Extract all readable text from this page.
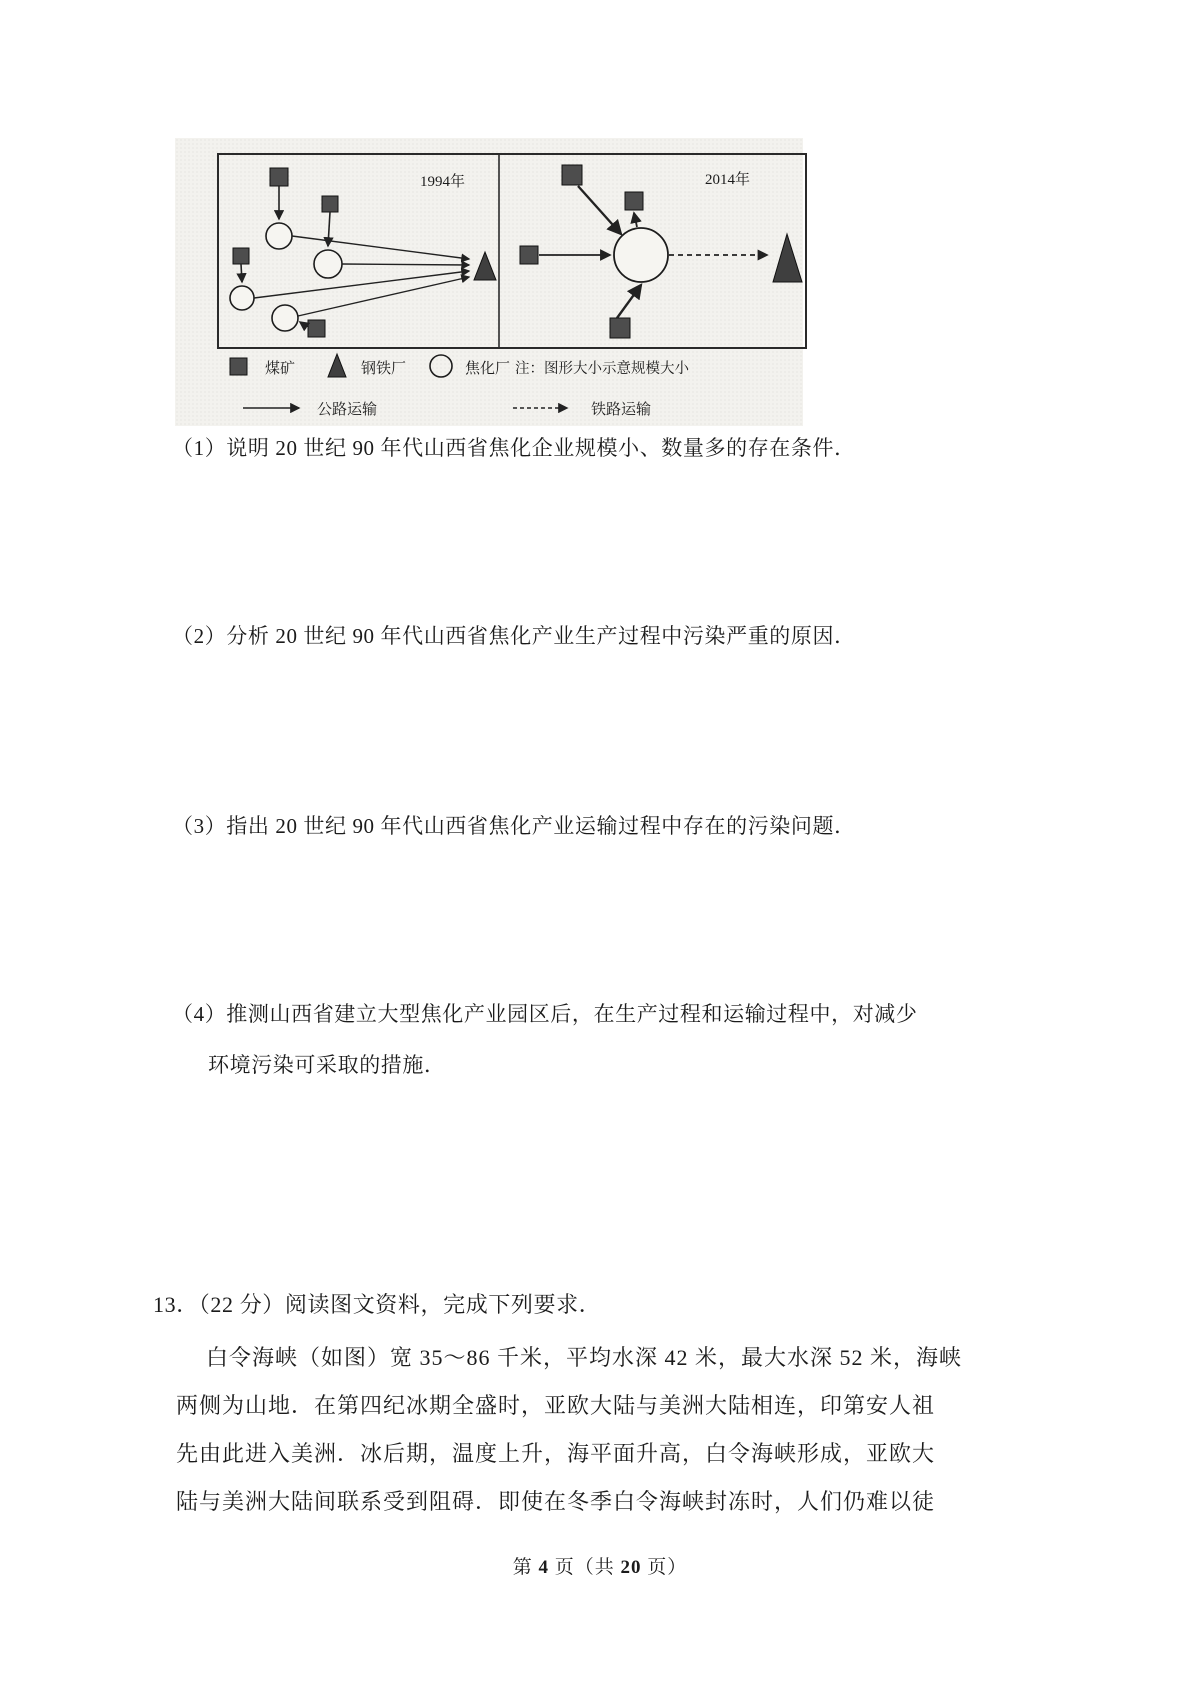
1994年	2014年
煤矿	钢铁厂	焦化厂 注：图形大小示意规模大小
公路运输	铁路运输
（1）说明 20 世纪 90 年代山西省焦化企业规模小、数量多的存在条件．
（2）分析 20 世纪 90 年代山西省焦化产业生产过程中污染严重的原因．
（3）指出 20 世纪 90 年代山西省焦化产业运输过程中存在的污染问题．
（4）推测山西省建立大型焦化产业园区后，在生产过程和运输过程中，对减少
环境污染可采取的措施．
13．（22 分）阅读图文资料，完成下列要求．
白令海峡（如图）宽 35～86 千米，平均水深 42 米，最大水深 52 米，海峡
两侧为山地．在第四纪冰期全盛时，亚欧大陆与美洲大陆相连，印第安人祖
先由此进入美洲．冰后期，温度上升，海平面升高，白令海峡形成，亚欧大
陆与美洲大陆间联系受到阻碍．即使在冬季白令海峡封冻时，人们仍难以徒
第 4 页（共 20 页）
